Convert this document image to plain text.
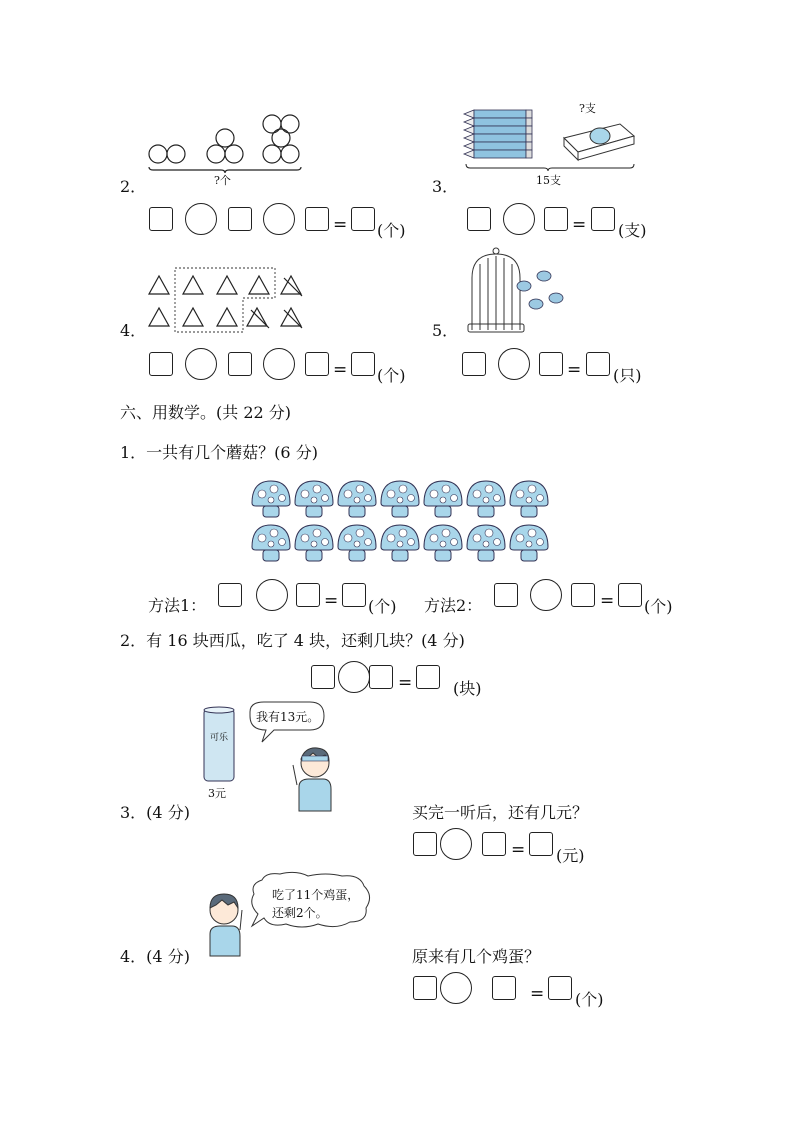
?个
2．
= (个)
?支
15支
3．
= (支)
4．
= (个)
5．
= (只)
六、用数学。(共 22 分)
1．一共有几个蘑菇？(6 分)
方法1：	= (个) 方法2：	= (个)
2．有 16 块西瓜，吃了 4 块，还剩几块？(4 分)
=	(块)
可乐
3元
我有13元。
3．(4 分)	买完一听后，还有几元？
= (元)
吃了11个鸡蛋，
还剩2个。
4．(4 分)	原来有几个鸡蛋？
= (个)
